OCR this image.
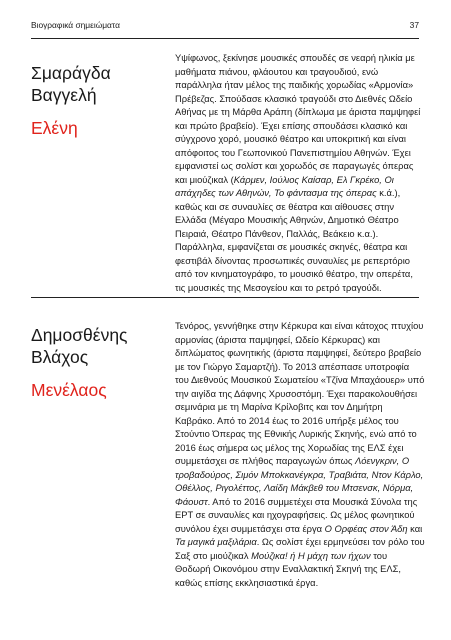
Βιογραφικά σημειώματα	37
Σμαράγδα
Βαγγελή
Ελένη

Υψίφωνος, ξεκίνησε μουσικές σπουδές σε νεαρή ηλικία με μαθήματα πιάνου, φλάουτου και τραγουδιού, ενώ παράλληλα ήταν μέλος της παιδικής χορωδίας «Αρμονία» Πρέβεζας. Σπούδασε κλασικό τραγούδι στο Διεθνές Ωδείο Αθήνας με τη Μάρθα Αράπη (δίπλωμα με άριστα παμψηφεί και πρώτο βραβείο). Έχει επίσης σπουδάσει κλασικό και σύγχρονο χορό, μουσικό θέατρο και υποκριτική και είναι απόφοιτος του Γεωπονικού Πανεπιστημίου Αθηνών. Έχει εμφανιστεί ως σολίστ και χορωδός σε παραγωγές όπερας και μιούζικαλ (Κάρμεν, Ιούλιος Καίσαρ, Ελ Γκρέκο, Οι απάχηδες των Αθηνών, Το φάντασμα της όπερας κ.ά.), καθώς και σε συναυλίες σε θέατρα και αίθουσες στην Ελλάδα (Μέγαρο Μουσικής Αθηνών, Δημοτικό Θέατρο Πειραιά, Θέατρο Πάνθεον, Παλλάς, Βεάκειο κ.α.). Παράλληλα, εμφανίζεται σε μουσικές σκηνές, θέατρα και φεστιβάλ δίνοντας προσωπικές συναυλίες με ρεπερτόριο από τον κινηματογράφο, το μουσικό θέατρο, την οπερέτα, τις μουσικές της Μεσογείου και το ρετρό τραγούδι.

Δημοσθένης
Βλάχος
Μενέλαος

Τενόρος, γεννήθηκε στην Κέρκυρα και είναι κάτοχος πτυχίου αρμονίας (άριστα παμψηφεί, Ωδείο Κέρκυρας) και διπλώματος φωνητικής (άριστα παμψηφεί, δεύτερο βραβείο με τον Γιώργο Σαμαρτζή). Το 2013 απέσπασε υποτροφία του Διεθνούς Μουσικού Σωματείου «Τζίνα Μπαχάουερ» υπό την αιγίδα της Δάφνης Χρυσοστόμη. Έχει παρακολουθήσει σεμινάρια με τη Μαρίνα Κρίλοβιτς και τον Δημήτρη Καβράκο. Από το 2014 έως το 2016 υπήρξε μέλος του Στούντιο Όπερας της Εθνικής Λυρικής Σκηνής, ενώ από το 2016 έως σήμερα ως μέλος της Χορωδίας της ΕΛΣ έχει συμμετάσχει σε πλήθος παραγωγών όπως Λόενγκριν, Ο τροβαδούρος, Σιμόν Μπokκανέγκρα, Τραβιάτα, Ντον Κάρλο, Οθέλλος, Ριγολέττος, Λαίδη Μάκβεθ του Μτσενσκ, Νόρμα, Φάουστ. Από το 2016 συμμετέχει στα Μουσικά Σύνολα της ΕΡΤ σε συναυλίες και ηχογραφήσεις. Ως μέλος φωνητικού συνόλου έχει συμμετάσχει στα έργα Ο Ορφέας στον Άδη και Τα μαγικά μαξιλάρια. Ως σολίστ έχει ερμηνεύσει τον ρόλο του Σαξ στο μιούζικαλ Μούζικα! ή Η μάχη των ήχων του Θοδωρή Οικονόμου στην Εναλλακτική Σκηνή της ΕΛΣ, καθώς επίσης εκκλησιαστικά έργα.
